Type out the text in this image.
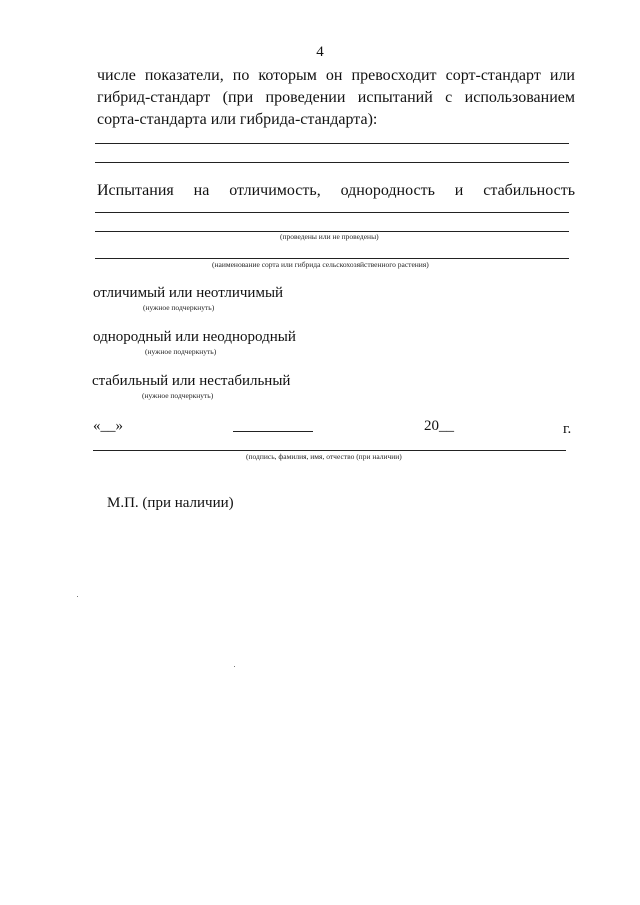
4
числе показатели, по которым он превосходит сорт-стандарт или
гибрид-стандарт (при проведении испытаний с использованием
сорта-стандарта или гибрида-стандарта):
Испытания на отличимость, однородность и стабильность
(проведены или не проведены)
(наименование сорта или гибрида сельскохозяйственного растения)
отличимый или неотличимый
(нужное подчеркнуть)
однородный или неоднородный
(нужное подчеркнуть)
стабильный или нестабильный
(нужное подчеркнуть)
«__»	20__	г.
(подпись, фамилия, имя, отчество (при наличии)
М.П. (при наличии)
